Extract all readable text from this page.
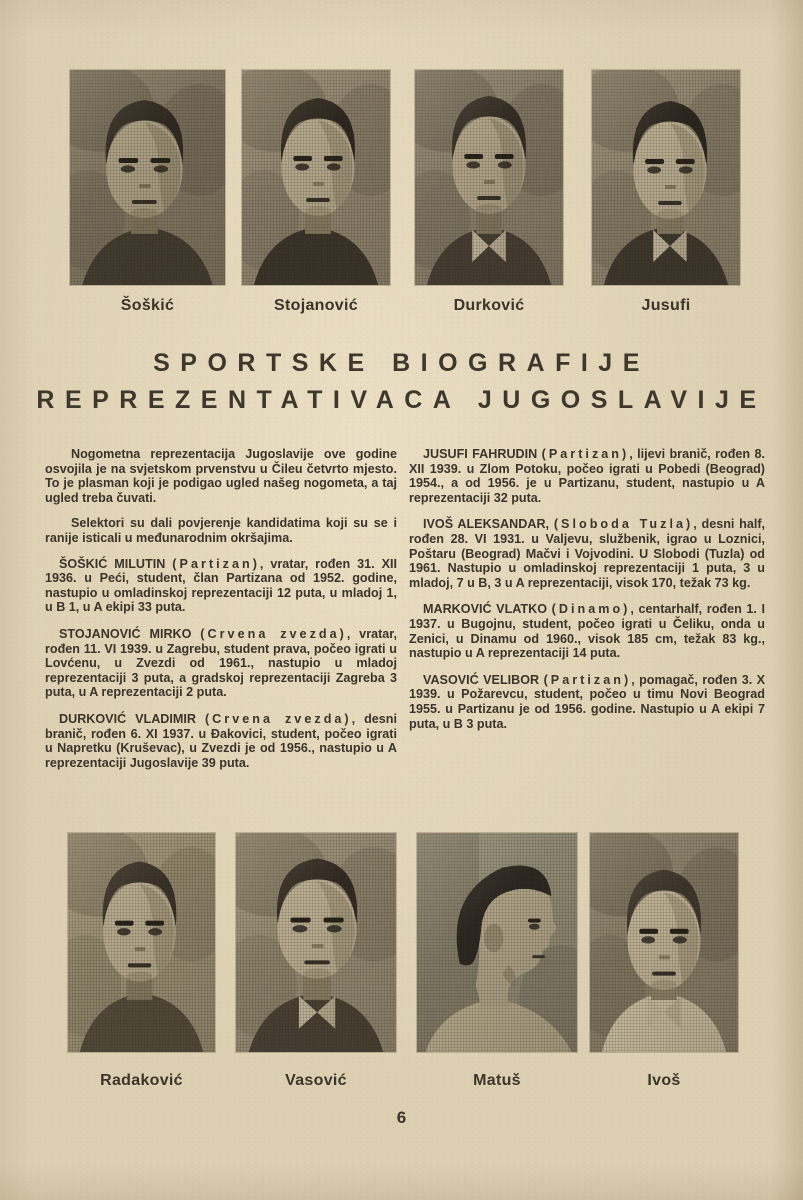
Šoškić	Stojanović	Durković	Jusufi
SPORTSKE BIOGRAFIJE
REPREZENTATIVACA JUGOSLAVIJE

Nogometna reprezentacija Jugoslavije ove godine osvojila je na svjetskom prvenstvu u Čileu četvrto mjesto. To je plasman koji je podigao ugled našeg nogometa, a taj ugled treba čuvati.

Selektori su dali povjerenje kandidatima koji su se i ranije isticali u međunarodnim okršajima.

ŠOŠKIĆ MILUTIN (Partizan), vratar, rođen 31. XII 1936. u Peći, student, član Partizana od 1952. godine, nastupio u omladinskoj reprezentaciji 12 puta, u mladoj 1, u B 1, u A ekipi 33 puta.

STOJANOVIĆ MIRKO (Crvena zvezda), vratar, rođen 11. VI 1939. u Zagrebu, student prava, počeo igrati u Lovćenu, u Zvezdi od 1961., nastupio u mladoj reprezentaciji 3 puta, a gradskoj reprezentaciji Zagreba 3 puta, u A reprezentaciji 2 puta.

DURKOVIĆ VLADIMIR (Crvena zvezda), desni branič, rođen 6. XI 1937. u Đakovici, student, počeo igrati u Napretku (Kruševac), u Zvezdi je od 1956., nastupio u A reprezentaciji Jugoslavije 39 puta.

JUSUFI FAHRUDIN (Partizan), lijevi branič, rođen 8. XII 1939. u Zlom Potoku, počeo igrati u Pobedi (Beograd) 1954., a od 1956. je u Partizanu, student, nastupio u A reprezentaciji 32 puta.

IVOŠ ALEKSANDAR, (Sloboda Tuzla), desni half, rođen 28. VI 1931. u Valjevu, službenik, igrao u Loznici, Poštaru (Beograd) Mačvi i Vojvodini. U Slobodi (Tuzla) od 1961. Nastupio u omladinskoj reprezentaciji 1 puta, 3 u mladoj, 7 u B, 3 u A reprezentaciji, visok 170, težak 73 kg.

MARKOVIĆ VLATKO (Dinamo), centarhalf, rođen 1. I 1937. u Bugojnu, student, počeo igrati u Čeliku, onda u Zenici, u Dinamu od 1960., visok 185 cm, težak 83 kg., nastupio u A reprezentaciji 14 puta.

VASOVIĆ VELIBOR (Partizan), pomagač, rođen 3. X 1939. u Požarevcu, student, počeo u timu Novi Beograd 1955. u Partizanu je od 1956. godine. Nastupio u A ekipi 7 puta, u B 3 puta.

Radaković	Vasović	Matuš	Ivoš
6
